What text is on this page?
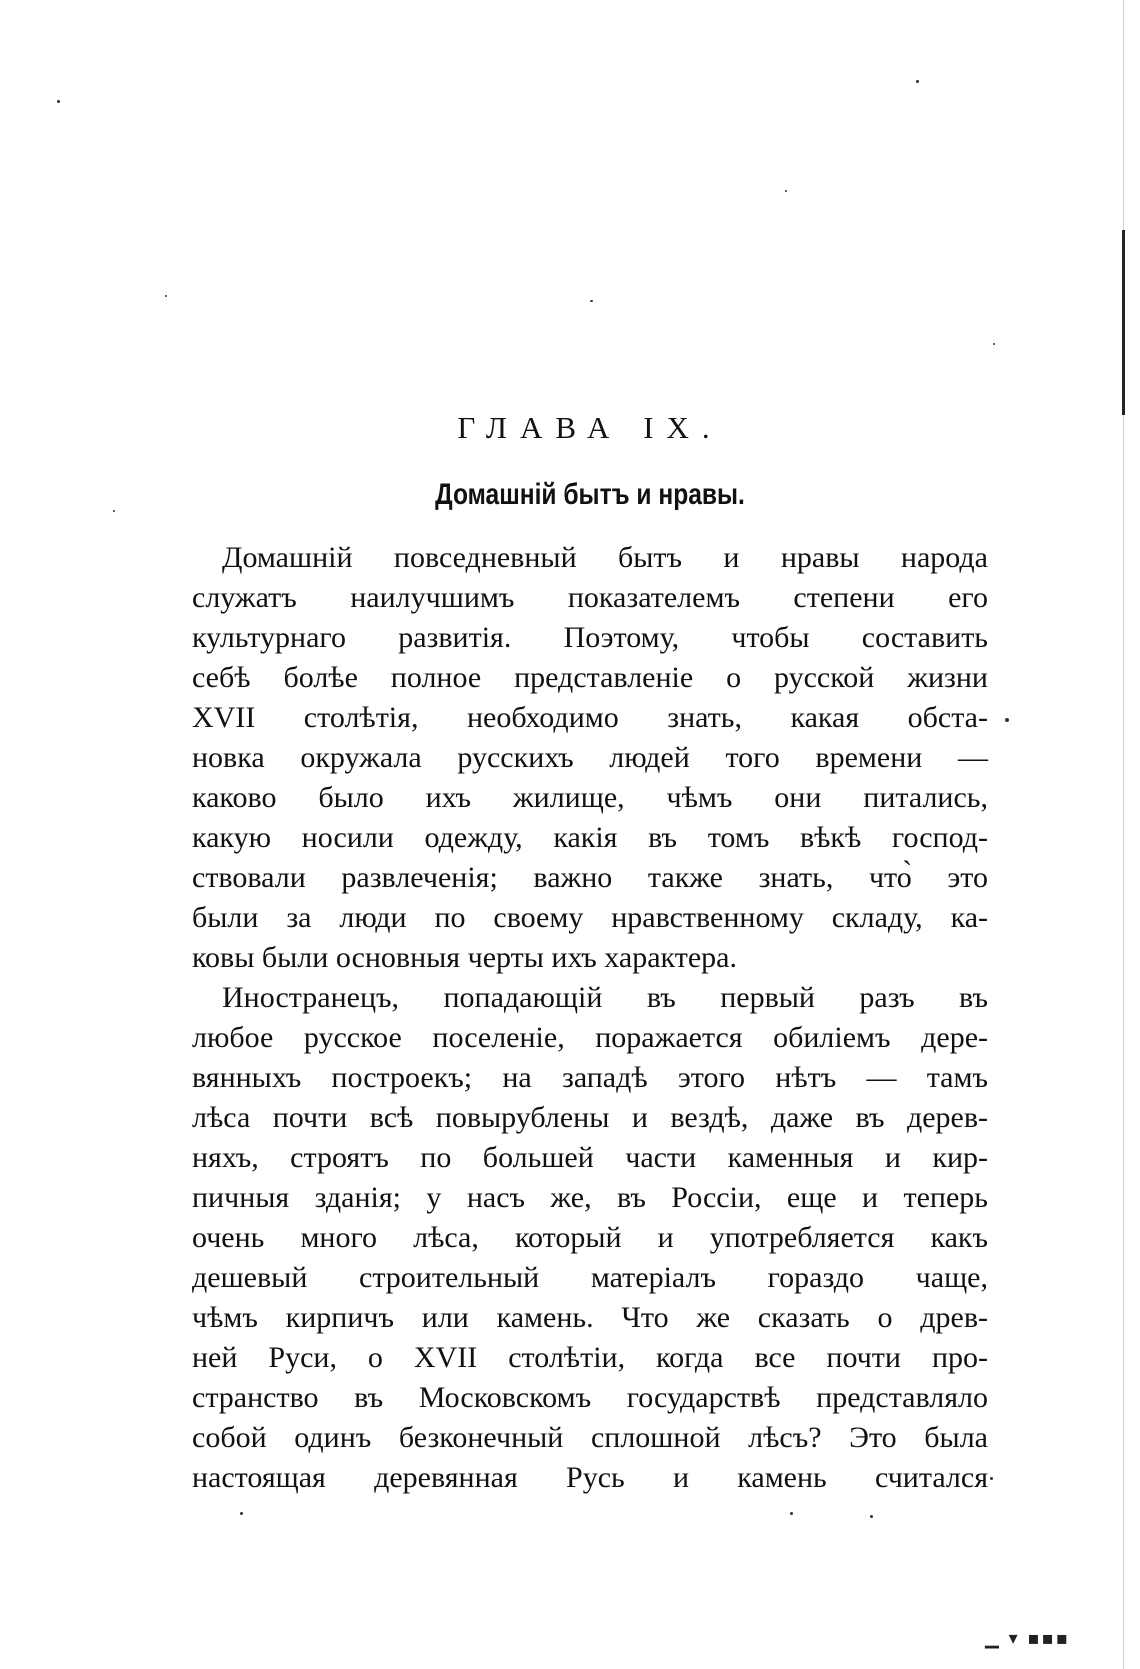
ГЛАВА IX.
Домашній бытъ и нравы.
Домашній повседневный бытъ и нравы народа
служатъ наилучшимъ показателемъ степени его
культурнаго развитія. Поэтому, чтобы составить
себѣ болѣе полное представленіе о русской жизни
XVII столѣтія, необходимо знать, какая обста-
новка окружала русскихъ людей того времени —
каково было ихъ жилище, чѣмъ они питались,
какую носили одежду, какія въ томъ вѣкѣ господ-
ствовали развлеченія; важно также знать, что̀ это
были за люди по своему нравственному складу, ка-
ковы были основныя черты ихъ характера.
Иностранецъ, попадающій въ первый разъ въ
любое русское поселеніе, поражается обиліемъ дере-
вянныхъ построекъ; на западѣ этого нѣтъ — тамъ
лѣса почти всѣ повырублены и вездѣ, даже въ дерев-
няхъ, строятъ по большей части каменныя и кир-
пичныя зданія; у насъ же, въ Россіи, еще и теперь
очень много лѣса, который и употребляется какъ
дешевый строительный матеріалъ гораздо чаще,
чѣмъ кирпичъ или камень. Что же сказать о древ-
ней Руси, о XVII столѣтіи, когда все почти про-
странство въ Московскомъ государствѣ представляло
собой одинъ безконечный сплошной лѣсъ? Это была
настоящая деревянная Русь и камень считался
▁ ▾ ▪▪▪
